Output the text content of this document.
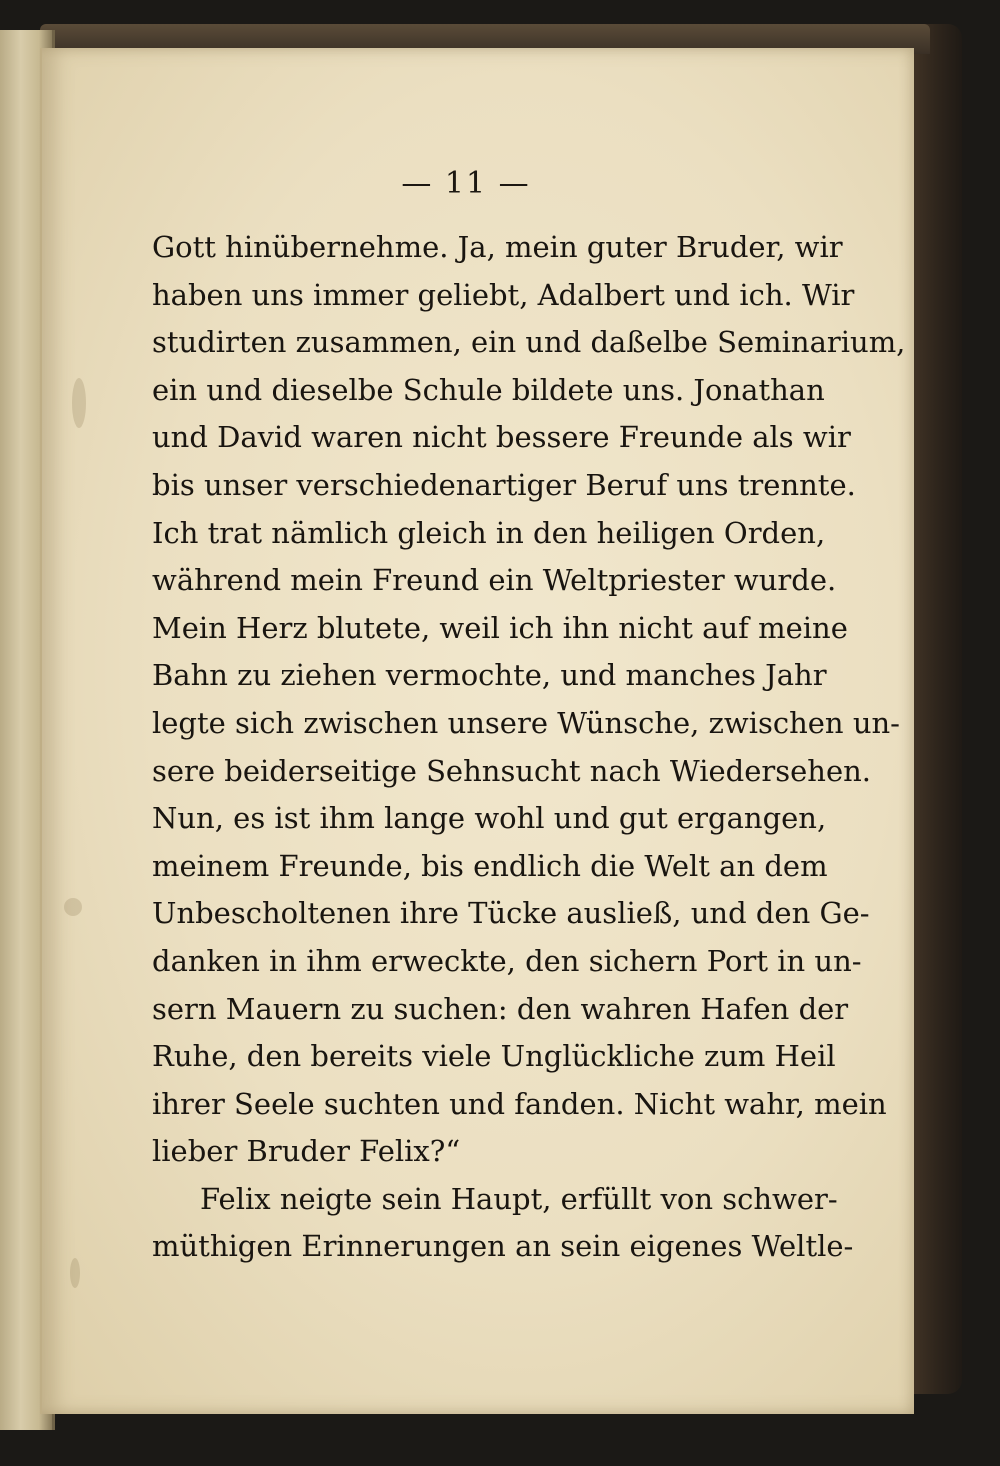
— 11 —
Gott hinübernehme. Ja, mein guter Bruder, wir
haben uns immer geliebt, Adalbert und ich. Wir
studirten zusammen, ein und daßelbe Seminarium,
ein und dieselbe Schule bildete uns. Jonathan
und David waren nicht bessere Freunde als wir
bis unser verschiedenartiger Beruf uns trennte.
Ich trat nämlich gleich in den heiligen Orden,
während mein Freund ein Weltpriester wurde.
Mein Herz blutete, weil ich ihn nicht auf meine
Bahn zu ziehen vermochte, und manches Jahr
legte sich zwischen unsere Wünsche, zwischen un-
sere beiderseitige Sehnsucht nach Wiedersehen.
Nun, es ist ihm lange wohl und gut ergangen,
meinem Freunde, bis endlich die Welt an dem
Unbescholtenen ihre Tücke ausließ, und den Ge-
danken in ihm erweckte, den sichern Port in un-
sern Mauern zu suchen: den wahren Hafen der
Ruhe, den bereits viele Unglückliche zum Heil
ihrer Seele suchten und fanden. Nicht wahr, mein
lieber Bruder Felix?“
Felix neigte sein Haupt, erfüllt von schwer-
müthigen Erinnerungen an sein eigenes Weltle-
